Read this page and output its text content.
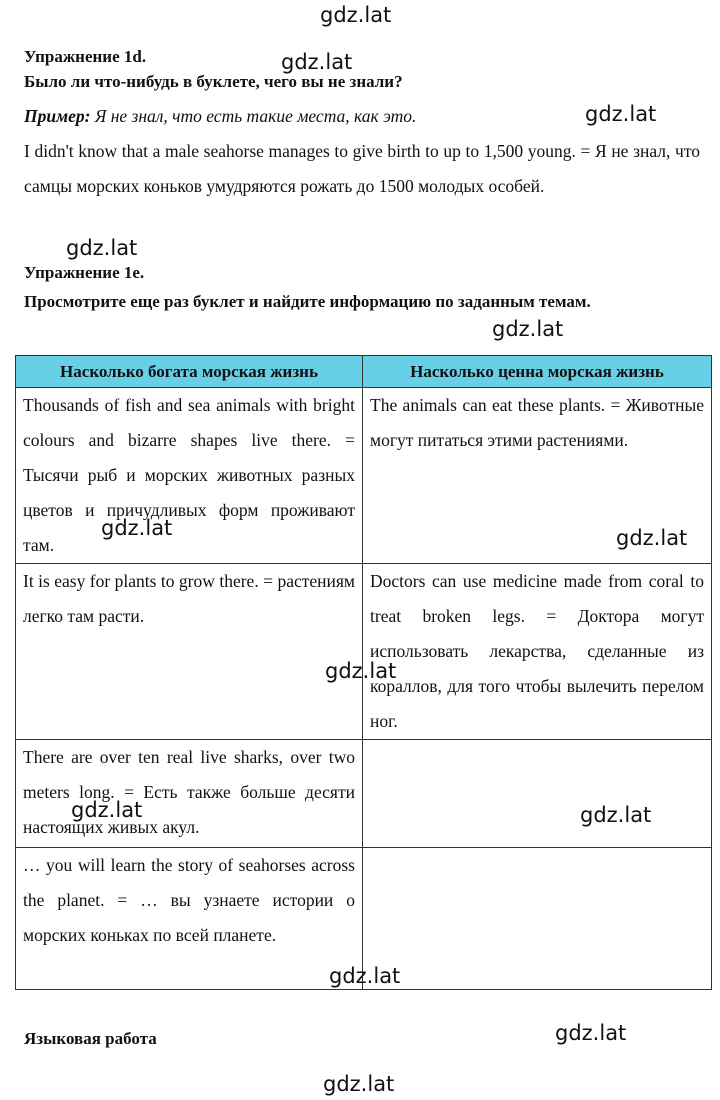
Упражнение 1d.
Было ли что-нибудь в буклете, чего вы не знали?
Пример: Я не знал, что есть такие места, как это.
I didn't know that a male seahorse manages to give birth to up to 1,500 young. = Я не знал, что самцы морских коньков умудряются рожать до 1500 молодых особей.
Упражнение 1е.
Просмотрите еще раз буклет и найдите информацию по заданным темам.
Насколько богата морская жизнь	Насколько ценна морская жизнь
Thousands of fish and sea animals with bright colours and bizarre shapes live there. = Тысячи рыб и морских животных разных цветов и причудливых форм проживают там.	The animals can eat these plants. = Животные могут питаться этими растениями.
It is easy for plants to grow there. = растениям легко там расти.	Doctors can use medicine made from coral to treat broken legs. = Доктора могут использовать лекарства, сделанные из кораллов, для того чтобы вылечить перелом ног.
There are over ten real live sharks, over two meters long. = Есть также больше десяти настоящих живых акул.	
… you will learn the story of seahorses across the planet. = … вы узнаете истории о морских коньках по всей планете.	
Языковая работа
gdz.lat
gdz.lat
gdz.lat
gdz.lat
gdz.lat
gdz.lat	gdz.lat
gdz.lat
gdz.lat	gdz.lat
gdz.lat
gdz.lat
gdz.lat
